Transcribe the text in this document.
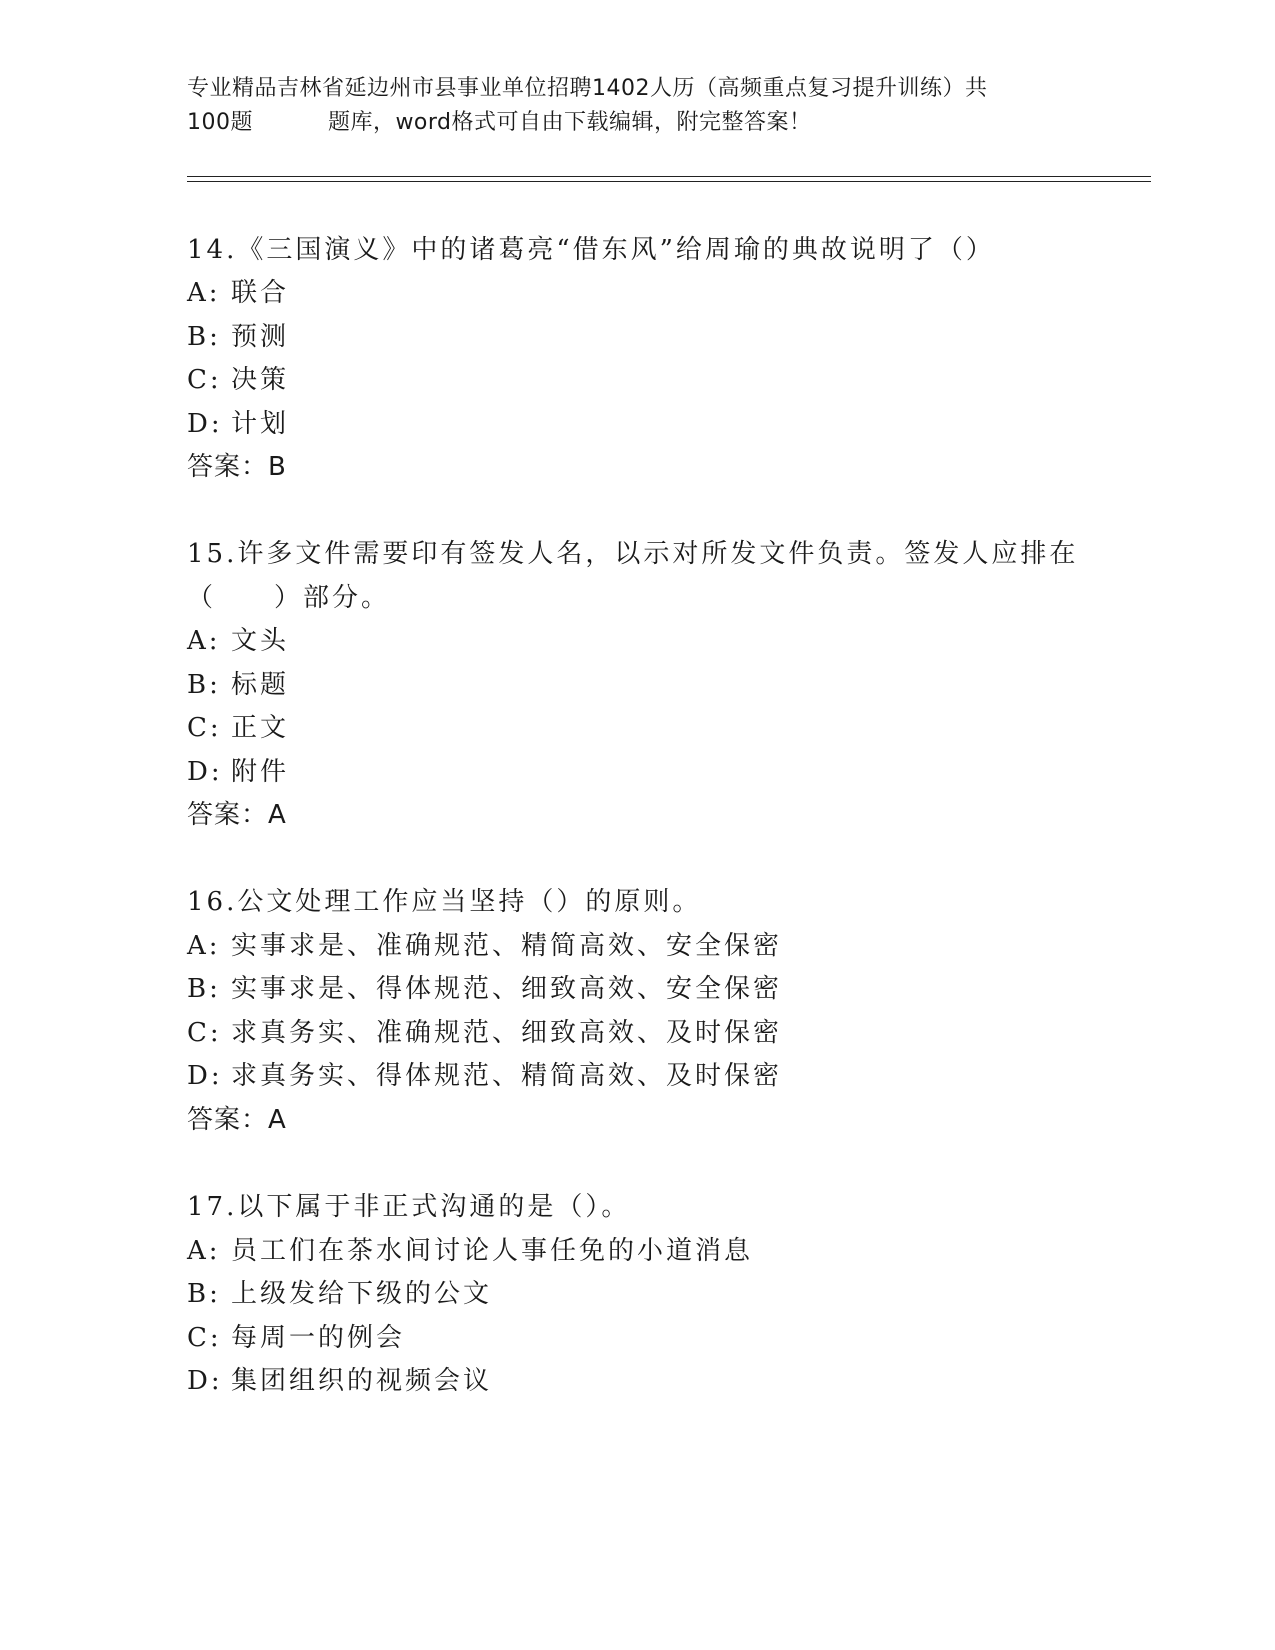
专业精品吉林省延边州市县事业单位招聘1402人历（高频重点复习提升训练）共
100题	题库，word格式可自由下载编辑，附完整答案！
14.《三国演义》中的诸葛亮“借东风”给周瑜的典故说明了（）
A: 联合
B: 预测
C: 决策
D: 计划
答案：B
15.许多文件需要印有签发人名，以示对所发文件负责。签发人应排在
（　　）部分。
A: 文头
B: 标题
C: 正文
D: 附件
答案：A
16.公文处理工作应当坚持（）的原则。
A: 实事求是、准确规范、精简高效、安全保密
B: 实事求是、得体规范、细致高效、安全保密
C: 求真务实、准确规范、细致高效、及时保密
D: 求真务实、得体规范、精简高效、及时保密
答案：A
17.以下属于非正式沟通的是（）。
A: 员工们在茶水间讨论人事任免的小道消息
B: 上级发给下级的公文
C: 每周一的例会
D: 集团组织的视频会议
